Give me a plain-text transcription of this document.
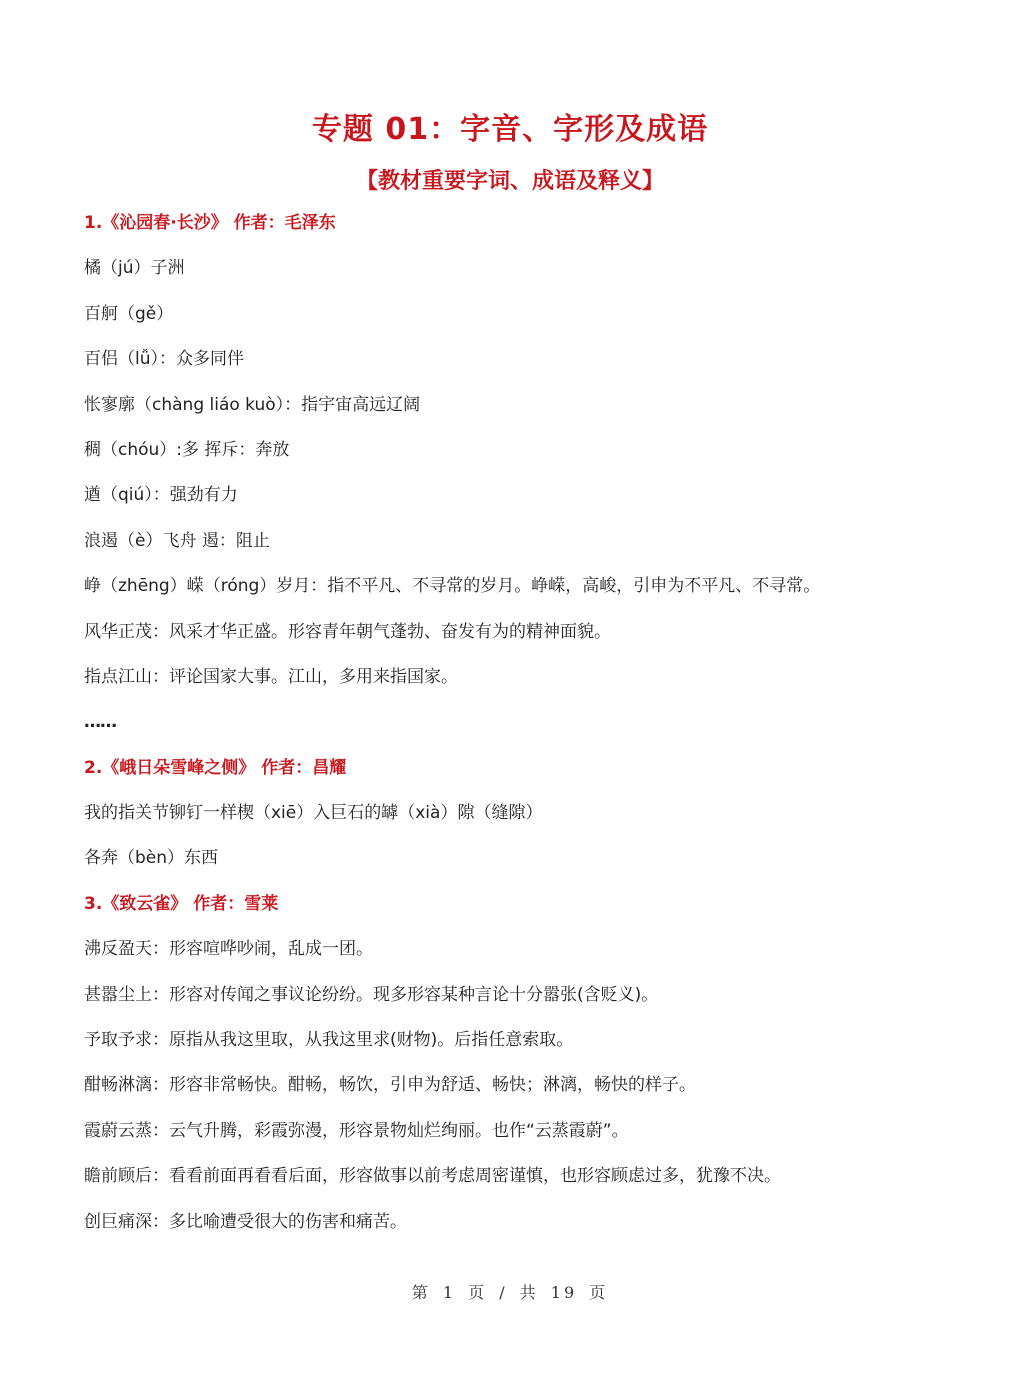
专题 01：字音、字形及成语
【教材重要字词、成语及释义】
1.《沁园春·长沙》 作者：毛泽东
橘（jú）子洲
百舸（gě）
百侣（lǚ）：众多同伴
怅寥廓（chàng liáo kuò）：指宇宙高远辽阔
稠（chóu）:多 挥斥：奔放
遒（qiú）：强劲有力
浪遏（è）飞舟 遏：阻止
峥（zhēng）嵘（róng）岁月：指不平凡、不寻常的岁月。峥嵘，高峻，引申为不平凡、不寻常。
风华正茂：风采才华正盛。形容青年朝气蓬勃、奋发有为的精神面貌。
指点江山：评论国家大事。江山，多用来指国家。
……
2.《峨日朵雪峰之侧》 作者：昌耀
我的指关节铆钉一样楔（xiē）入巨石的罅（xià）隙（缝隙）
各奔（bèn）东西
3.《致云雀》 作者：雪莱
沸反盈天：形容喧哗吵闹，乱成一团。
甚嚣尘上：形容对传闻之事议论纷纷。现多形容某种言论十分嚣张(含贬义)。
予取予求：原指从我这里取，从我这里求(财物)。后指任意索取。
酣畅淋漓：形容非常畅快。酣畅，畅饮，引申为舒适、畅快；淋漓，畅快的样子。
霞蔚云蒸：云气升腾，彩霞弥漫，形容景物灿烂绚丽。也作“云蒸霞蔚”。
瞻前顾后：看看前面再看看后面，形容做事以前考虑周密谨慎，也形容顾虑过多，犹豫不决。
创巨痛深：多比喻遭受很大的伤害和痛苦。
第 1 页 / 共 19 页
